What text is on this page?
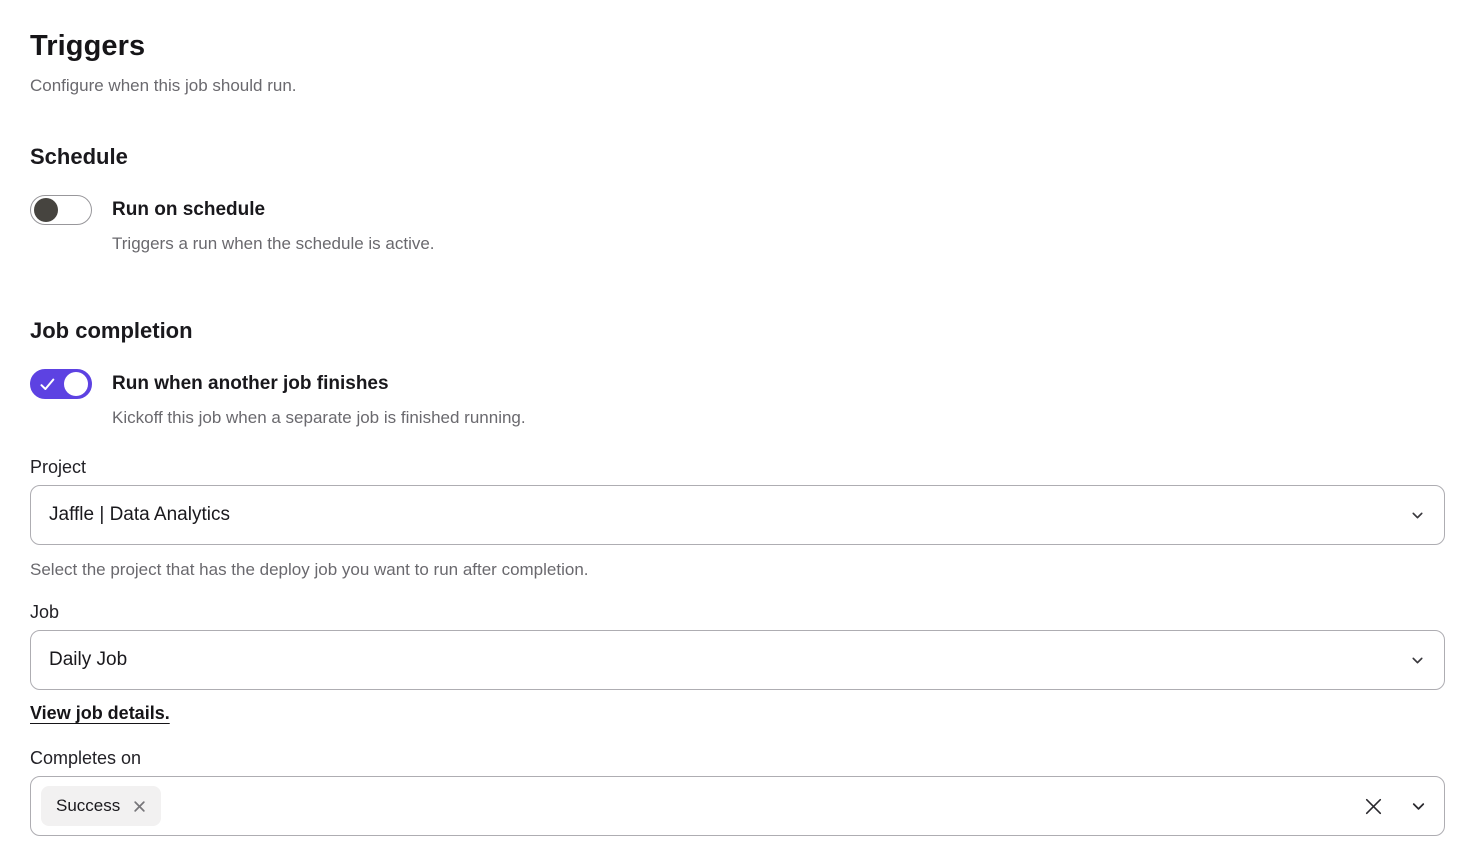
Triggers
Configure when this job should run.
Schedule
Run on schedule
Triggers a run when the schedule is active.
Job completion
Run when another job finishes
Kickoff this job when a separate job is finished running.
Project
Jaffle | Data Analytics
Select the project that has the deploy job you want to run after completion.
Job
Daily Job
View job details.
Completes on
Success
